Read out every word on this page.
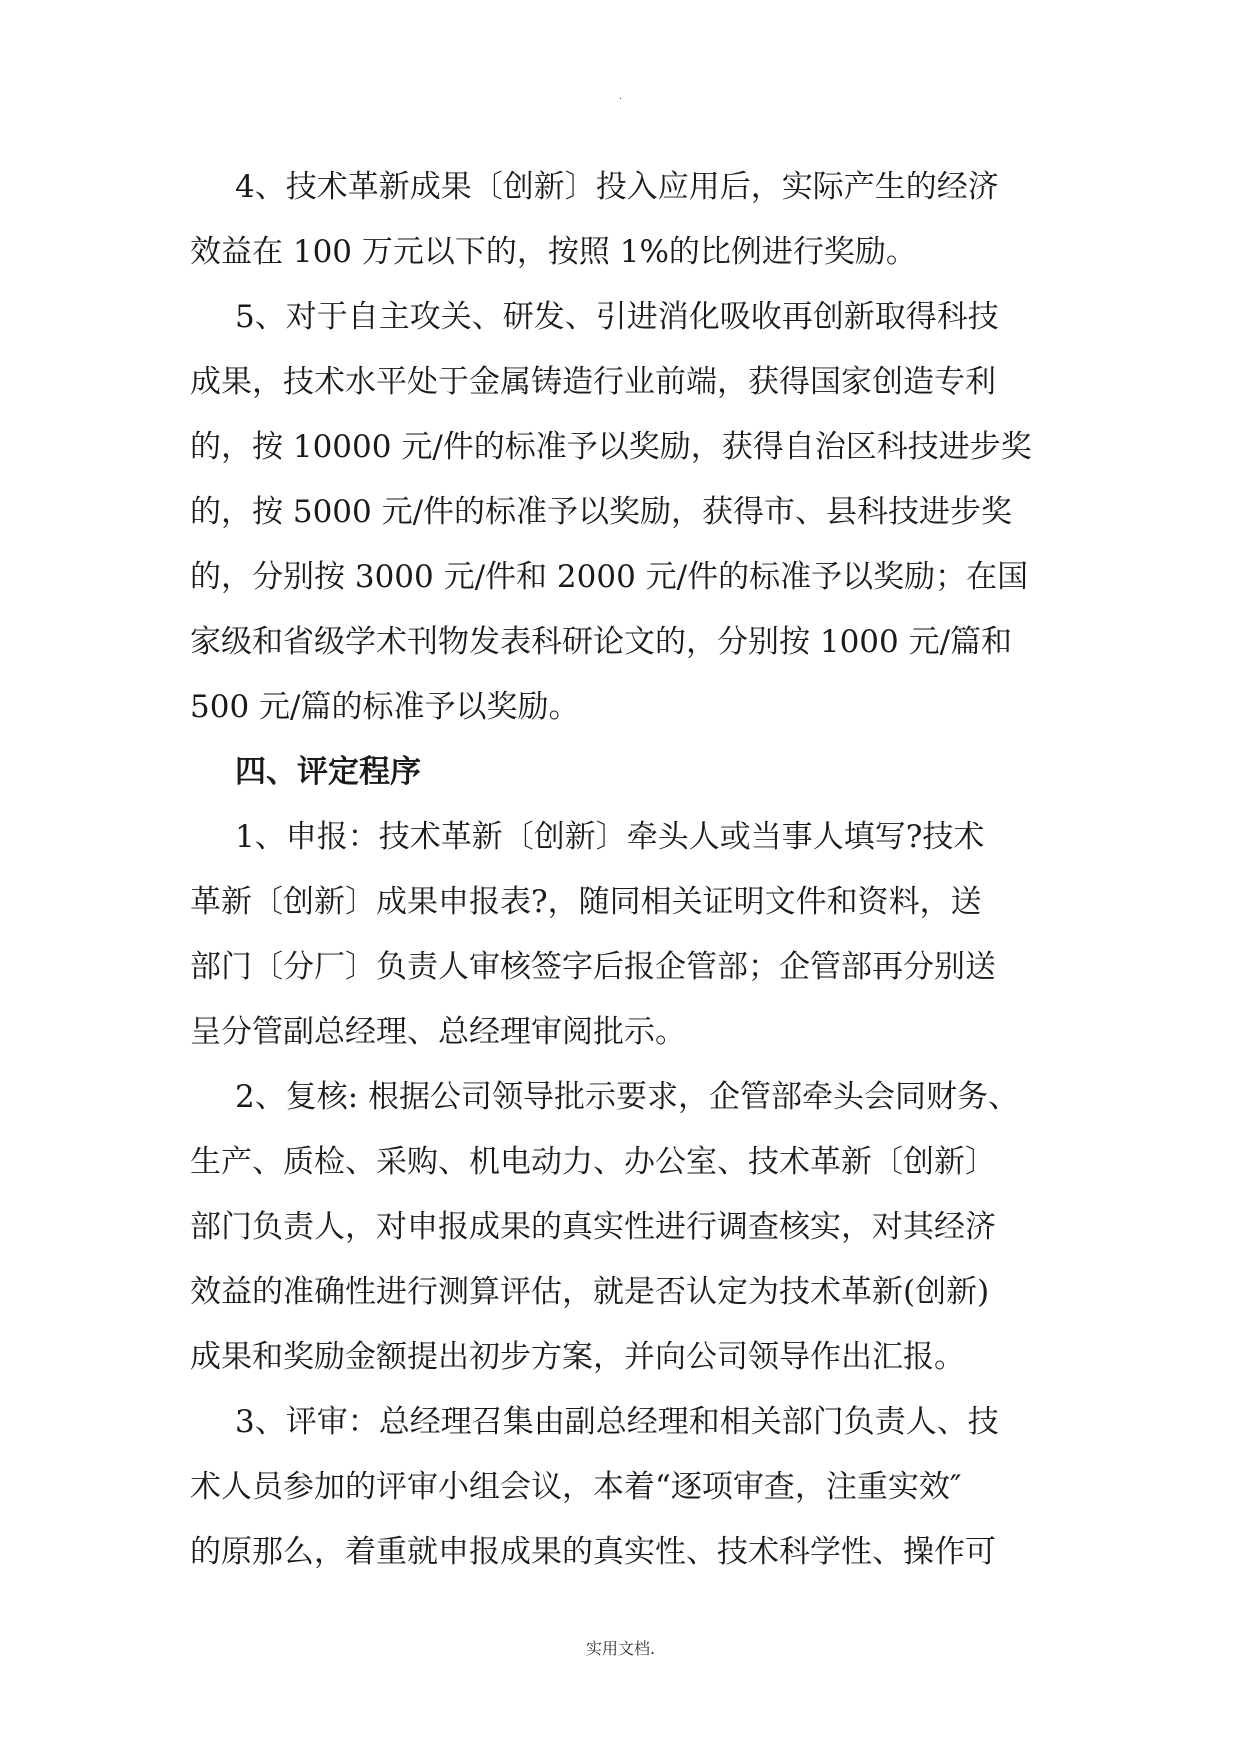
.
4、技术革新成果〔创新〕投入应用后，实际产生的经济
效益在 100 万元以下的，按照 1%的比例进行奖励。
5、对于自主攻关、研发、引进消化吸收再创新取得科技
成果，技术水平处于金属铸造行业前端，获得国家创造专利
的，按 10000 元/件的标准予以奖励，获得自治区科技进步奖
的，按 5000 元/件的标准予以奖励，获得市、县科技进步奖
的，分别按 3000 元/件和 2000 元/件的标准予以奖励；在国
家级和省级学术刊物发表科研论文的，分别按 1000 元/篇和
500 元/篇的标准予以奖励。
四、评定程序
1、申报：技术革新〔创新〕牵头人或当事人填写?技术
革新〔创新〕成果申报表?，随同相关证明文件和资料，送
部门〔分厂〕负责人审核签字后报企管部；企管部再分别送
呈分管副总经理、总经理审阅批示。
2、复核: 根据公司领导批示要求，企管部牵头会同财务、
生产、质检、采购、机电动力、办公室、技术革新〔创新〕
部门负责人，对申报成果的真实性进行调查核实，对其经济
效益的准确性进行测算评估，就是否认定为技术革新(创新)
成果和奖励金额提出初步方案，并向公司领导作出汇报。
3、评审：总经理召集由副总经理和相关部门负责人、技
术人员参加的评审小组会议，本着“逐项审查，注重实效″
的原那么，着重就申报成果的真实性、技术科学性、操作可
实用文档.
